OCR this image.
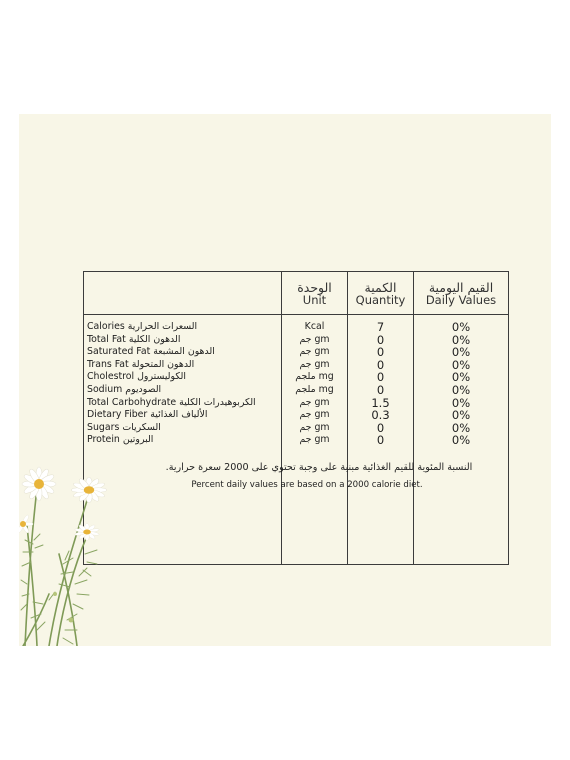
الوحدة
Unit
الكمية
Quantity
القيم اليومية
Daily Values
Calories السعرات الحرارية
Total Fat الدهون الكلية
Saturated Fat الدهون المشبعة
Trans Fat الدهون المتحولة
Cholestrol الكوليسترول
Sodium الصوديوم
Total Carbohydrate الكربوهيدرات الكلية
Dietary Fiber الألياف الغذائية
Sugars السكريات
Protein البروتين
Kcal
جم gm
جم gm
جم gm
ملجم mg
ملجم mg
جم gm
جم gm
جم gm
جم gm
7
0
0
0
0
0
1.5
0.3
0
0
0%
0%
0%
0%
0%
0%
0%
0%
0%
0%
النسبة المئوية للقيم الغذائية مبنية على وجبة تحتوي على 2000 سعرة حرارية.
Percent daily values are based on a 2000 calorie diet.
